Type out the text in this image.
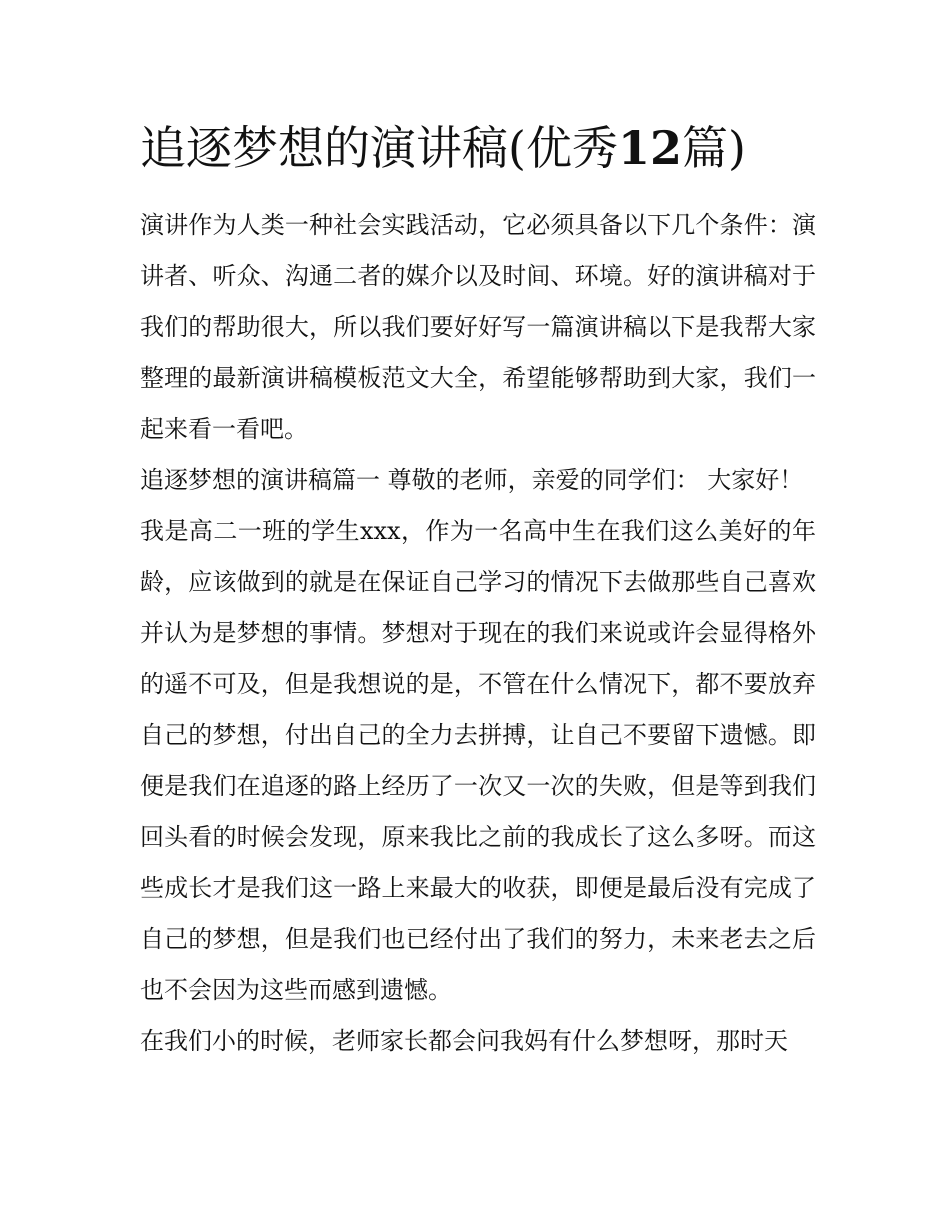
追逐梦想的演讲稿(优秀12篇)

演讲作为人类一种社会实践活动，它必须具备以下几个条件：演讲者、听众、沟通二者的媒介以及时间、环境。好的演讲稿对于我们的帮助很大，所以我们要好好写一篇演讲稿以下是我帮大家整理的最新演讲稿模板范文大全，希望能够帮助到大家，我们一起来看一看吧。

追逐梦想的演讲稿篇一 尊敬的老师，亲爱的同学们： 大家好！

我是高二一班的学生xxx，作为一名高中生在我们这么美好的年龄，应该做到的就是在保证自己学习的情况下去做那些自己喜欢并认为是梦想的事情。梦想对于现在的我们来说或许会显得格外的遥不可及，但是我想说的是，不管在什么情况下，都不要放弃自己的梦想，付出自己的全力去拼搏，让自己不要留下遗憾。即便是我们在追逐的路上经历了一次又一次的失败，但是等到我们回头看的时候会发现，原来我比之前的我成长了这么多呀。而这些成长才是我们这一路上来最大的收获，即便是最后没有完成了自己的梦想，但是我们也已经付出了我们的努力，未来老去之后也不会因为这些而感到遗憾。

在我们小的时候，老师家长都会问我妈有什么梦想呀，那时天
